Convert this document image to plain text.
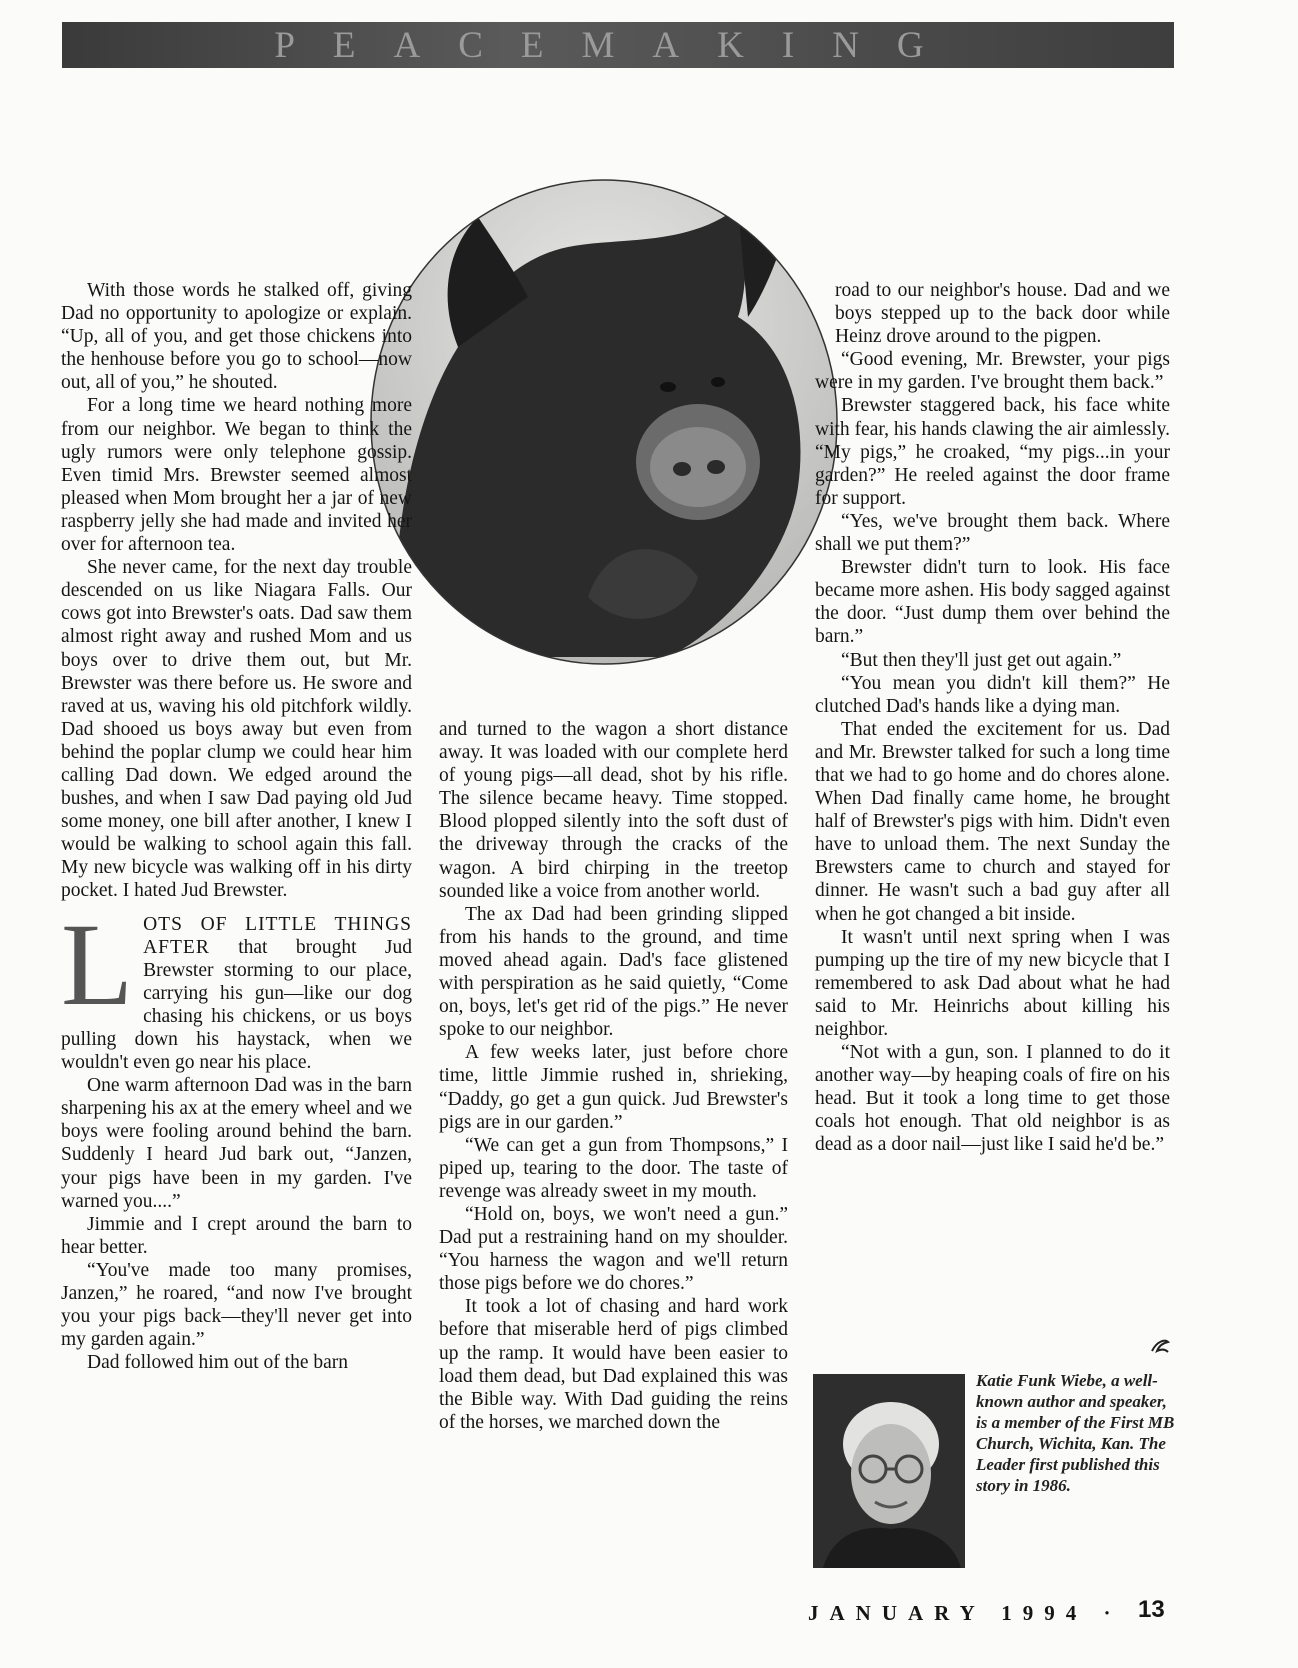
PEACEMAKING

With those words he stalked off, giving Dad no opportunity to apologize or explain. “Up, all of you, and get those chickens into the henhouse before you go to school—now out, all of you,” he shouted.

For a long time we heard nothing more from our neighbor. We began to think the ugly rumors were only telephone gossip. Even timid Mrs. Brewster seemed almost pleased when Mom brought her a jar of new raspberry jelly she had made and invited her over for afternoon tea.

She never came, for the next day trouble descended on us like Niagara Falls. Our cows got into Brewster's oats. Dad saw them almost right away and rushed Mom and us boys over to drive them out, but Mr. Brewster was there before us. He swore and raved at us, waving his old pitchfork wildly. Dad shooed us boys away but even from behind the poplar clump we could hear him calling Dad down. We edged around the bushes, and when I saw Dad paying old Jud some money, one bill after another, I knew I would be walking to school again this fall. My new bicycle was walking off in his dirty pocket. I hated Jud Brewster.

LOTS OF LITTLE THINGS AFTER that brought Jud Brewster storming to our place, carrying his gun—like our dog chasing his chickens, or us boys pulling down his haystack, when we wouldn't even go near his place.

One warm afternoon Dad was in the barn sharpening his ax at the emery wheel and we boys were fooling around behind the barn. Suddenly I heard Jud bark out, “Janzen, your pigs have been in my garden. I've warned you....”

Jimmie and I crept around the barn to hear better.

“You've made too many promises, Janzen,” he roared, “and now I've brought you your pigs back—they'll never get into my garden again.”

Dad followed him out of the barn

and turned to the wagon a short distance away. It was loaded with our complete herd of young pigs—all dead, shot by his rifle. The silence became heavy. Time stopped. Blood plopped silently into the soft dust of the driveway through the cracks of the wagon. A bird chirping in the treetop sounded like a voice from another world.

The ax Dad had been grinding slipped from his hands to the ground, and time moved ahead again. Dad's face glistened with perspiration as he said quietly, “Come on, boys, let's get rid of the pigs.” He never spoke to our neighbor.

A few weeks later, just before chore time, little Jimmie rushed in, shrieking, “Daddy, go get a gun quick. Jud Brewster's pigs are in our garden.”

“We can get a gun from Thompsons,” I piped up, tearing to the door. The taste of revenge was already sweet in my mouth.

“Hold on, boys, we won't need a gun.” Dad put a restraining hand on my shoulder. “You harness the wagon and we'll return those pigs before we do chores.”

It took a lot of chasing and hard work before that miserable herd of pigs climbed up the ramp. It would have been easier to load them dead, but Dad explained this was the Bible way. With Dad guiding the reins of the horses, we marched down the

road to our neighbor's house. Dad and we boys stepped up to the back door while Heinz drove around to the pigpen.

“Good evening, Mr. Brewster, your pigs were in my garden. I've brought them back.”

Brewster staggered back, his face white with fear, his hands clawing the air aimlessly. “My pigs,” he croaked, “my pigs...in your garden?” He reeled against the door frame for support.

“Yes, we've brought them back. Where shall we put them?”

Brewster didn't turn to look. His face became more ashen. His body sagged against the door. “Just dump them over behind the barn.”

“But then they'll just get out again.”

“You mean you didn't kill them?” He clutched Dad's hands like a dying man.

That ended the excitement for us. Dad and Mr. Brewster talked for such a long time that we had to go home and do chores alone. When Dad finally came home, he brought half of Brewster's pigs with him. Didn't even have to unload them. The next Sunday the Brewsters came to church and stayed for dinner. He wasn't such a bad guy after all when he got changed a bit inside.

It wasn't until next spring when I was pumping up the tire of my new bicycle that I remembered to ask Dad about what he had said to Mr. Heinrichs about killing his neighbor.

“Not with a gun, son. I planned to do it another way—by heaping coals of fire on his head. But it took a long time to get those coals hot enough. That old neighbor is as dead as a door nail—just like I said he'd be.”

Katie Funk Wiebe, a well-known author and speaker, is a member of the First MB Church, Wichita, Kan. The Leader first published this story in 1986.
JANUARY 1994 · 13
